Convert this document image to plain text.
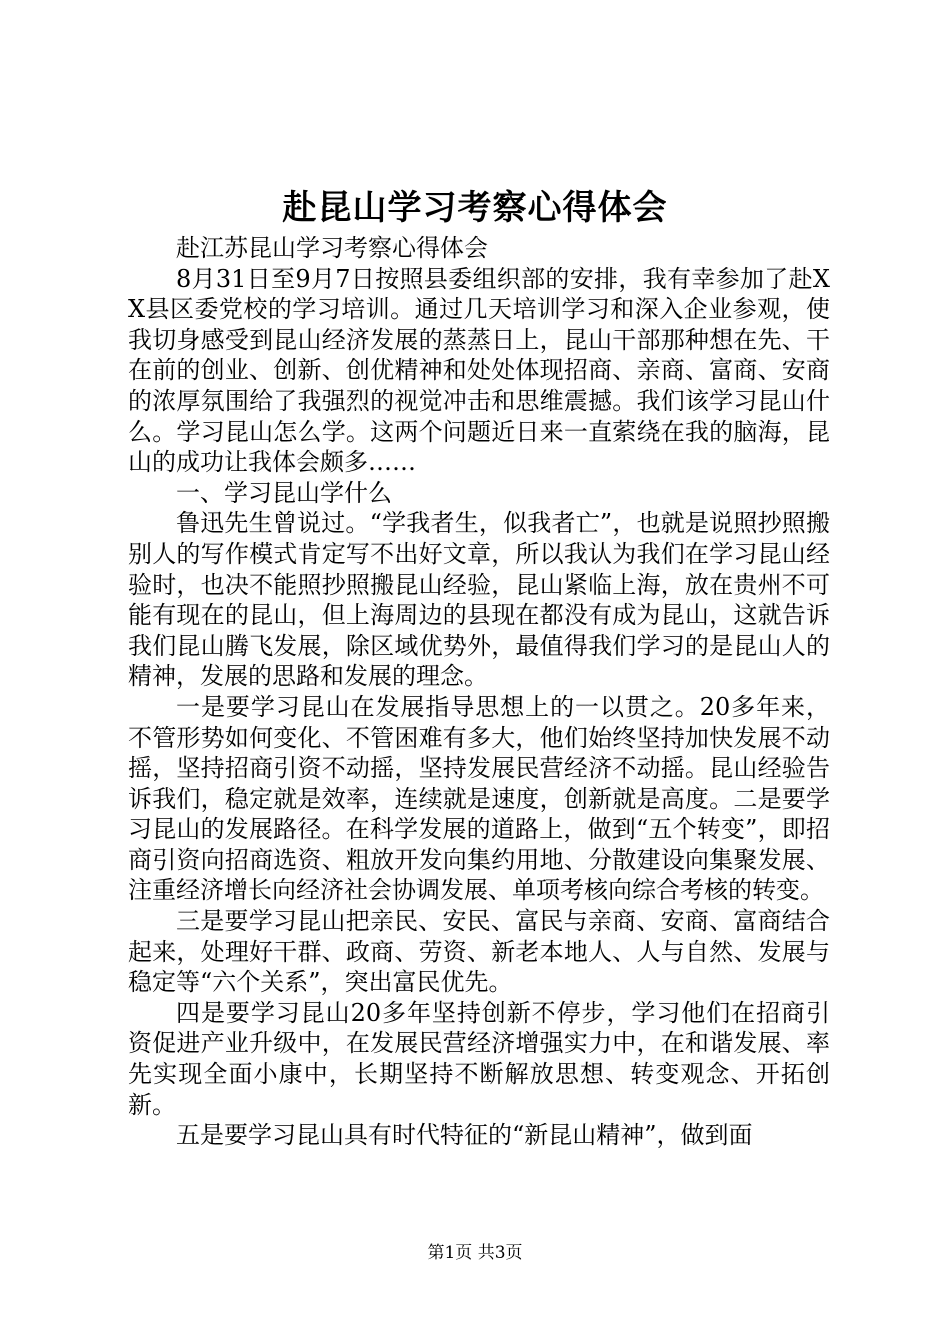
赴昆山学习考察心得体会

赴江苏昆山学习考察心得体会

8月31日至9月7日按照县委组织部的安排，我有幸参加了赴XX县区委党校的学习培训。通过几天培训学习和深入企业参观，使我切身感受到昆山经济发展的蒸蒸日上，昆山干部那种想在先、干在前的创业、创新、创优精神和处处体现招商、亲商、富商、安商的浓厚氛围给了我强烈的视觉冲击和思维震撼。我们该学习昆山什么。学习昆山怎么学。这两个问题近日来一直萦绕在我的脑海，昆山的成功让我体会颇多……

一、学习昆山学什么

鲁迅先生曾说过。“学我者生，似我者亡”，也就是说照抄照搬别人的写作模式肯定写不出好文章，所以我认为我们在学习昆山经验时，也决不能照抄照搬昆山经验，昆山紧临上海，放在贵州不可能有现在的昆山，但上海周边的县现在都没有成为昆山，这就告诉我们昆山腾飞发展，除区域优势外，最值得我们学习的是昆山人的精神，发展的思路和发展的理念。

一是要学习昆山在发展指导思想上的一以贯之。20多年来，不管形势如何变化、不管困难有多大，他们始终坚持加快发展不动摇，坚持招商引资不动摇，坚持发展民营经济不动摇。昆山经验告诉我们，稳定就是效率，连续就是速度，创新就是高度。二是要学习昆山的发展路径。在科学发展的道路上，做到“五个转变”，即招商引资向招商选资、粗放开发向集约用地、分散建设向集聚发展、注重经济增长向经济社会协调发展、单项考核向综合考核的转变。

三是要学习昆山把亲民、安民、富民与亲商、安商、富商结合起来，处理好干群、政商、劳资、新老本地人、人与自然、发展与稳定等“六个关系”，突出富民优先。

四是要学习昆山20多年坚持创新不停步，学习他们在招商引资促进产业升级中，在发展民营经济增强实力中，在和谐发展、率先实现全面小康中，长期坚持不断解放思想、转变观念、开拓创新。

五是要学习昆山具有时代特征的“新昆山精神”，做到面

第1页 共3页
